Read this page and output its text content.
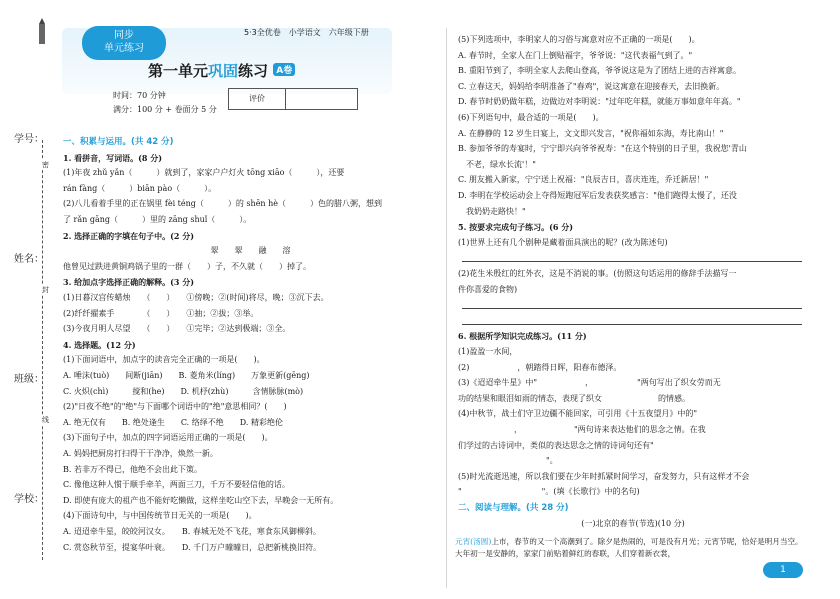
学校：
班级：
姓名：
学号：
线
封
密
同步
单元练习
5·3全优卷　小学语文　六年级下册
第一单元巩固练习 A卷
时间：70 分钟
满分：100 分 + 卷面分 5 分
评价
一、积累与运用。(共 42 分)
1. 看拼音，写词语。(8 分)
(1)年夜 zhǔ yǎn（　　　）就到了，家家户户灯火 tōng xiāo（　　　），还要
rán fàng（　　　）biān pào（　　　）。
(2)八儿看着手里的正在锅里 fèi téng（　　　）的 shēn hè（　　　）色的腊八粥，想到
了 rǎn gāng（　　　）里的 zāng shuǐ（　　　）。
2. 选择正确的字填在句子中。(2 分)
翠　　翠　　融　　溶
他曾见过跌进黄铜鸡锅子里的一群（　　）子，不久就（　　）掉了。
3. 给加点字选择正确的解释。(3 分)
(1)日暮汉宫传蜡烛　　（　　）　　①傍晚；②(时间)将尽，晚；③沉下去。
(2)纤纤擢素手　　　　（　　）　　①抽；②拔；③举。
(3)今夜月明人尽望　　（　　）　　①完毕；②达到极端；③全。
4. 选择题。(12 分)
(1)下面词语中，加点字的读音完全正确的一项是(　　)。
A. 唾沫(tuò)　　间断(jiān)　　B. 菱角米(líng)　　万象更新(gēng)
C. 火炽(chì)　　　搅和(he)　　D. 机杼(zhù)　　　含情脉脉(mò)
(2)"日夜不绝"的"绝"与下面哪个词语中的"绝"意思相同？(　　)
A. 绝无仅有　　B. 绝处逢生　　C. 络绎不绝　　D. 精彩绝伦
(3)下面句子中，加点的四字词语运用正确的一项是(　　)。
A. 妈妈把厨房打扫得干干净净，焕然一新。
B. 若非万不得已，他绝不会出此下策。
C. 像他这种人惯于顺手牵羊，两面三刀，千万不要轻信他的话。
D. 即使有庞大的祖产也不能好吃懒做，这样坐吃山空下去，早晚会一无所有。
(4)下面诗句中，与中国传统节日无关的一项是(　　)。
A. 迢迢牵牛星，皎皎河汉女。　　B. 春城无处不飞花，寒食东风御柳斜。
C. 赏恣秋节至，提宴华叶衰。　　D. 千门万户曈曈日，总把新桃换旧符。
(5)下列选项中，李明家人的习俗与寓意对应不正确的一项是(　　)。
A. 春节时，全家人在门上倒贴福字，爷爷说："这代表福气到了。"
B. 重阳节到了，李明全家人去爬山登高，爷爷说这是为了团结上进的吉祥寓意。
C. 立春这天，妈妈给李明准备了"春鸡"，说这寓意在迎接春天，去旧换新。
D. 春节时奶奶做年糕，边做边对李明说："过年吃年糕，就能万事如意年年高。"
(6)下列语句中，最合适的一项是(　　)。
A. 在静静的 12 岁生日宴上，文文即兴发言，"祝你福如东海，寿比南山！"
B. 参加爷爷的寿宴时，宁宁即兴向爷爷祝寿："在这个特别的日子里，我祝您'青山
　不老，绿水长流'！"
C. 朋友搬入新家，宁宁送上祝福："良辰吉日，喜庆连连，乔迁新居！"
D. 李明在学校运动会上夺得短跑冠军后发表获奖感言："他们跑得太慢了，还没
　我奶奶走路快！"
5. 按要求完成句子练习。(6 分)
(1)世界上还有几个剧种是藏着面具演出的呢？(改为陈述句)
(2)花生米殷红的红外衣，这是不消说的事。(仿照这句话运用的修辞手法描写一
件你喜爱的食物)
6. 根据所学知识完成练习。(11 分)
(1)盈盈一水间，
(2)　　　　　　，朝踏得日晖，阳春布德泽。
(3)《迢迢牵牛星》中"　　　　　　，　　　　　　"两句写出了织女劳而无
功的结果和眼泪如雨的情态，表现了织女　　　　　　　的情感。
(4)中秋节，战士们守卫边疆不能回家，可引用《十五夜望月》中的"
　　　　　　　，　　　　　　　"两句诗来表达他们的思念之情。在我
们学过的古诗词中，类似的表达思念之情的诗词句还有"
　　　　　　　　　　　"。
(5)时光流逝迅速，所以我们要在少年时抓紧时间学习，奋发努力，只有这样才不会
"　　　　　　　　　　"。(填《长歌行》中的名句)
二、阅读与理解。(共 28 分)
(一)北京的春节(节选)(10 分)
元宵(汤圆)上市，春节的又一个高潮到了。除夕是热闹的，可是没有月光；元宵节呢，恰好是明月当空。大年初一是安静的，家家门前贴着鲜红的春联，人们穿着新衣裳，
1
